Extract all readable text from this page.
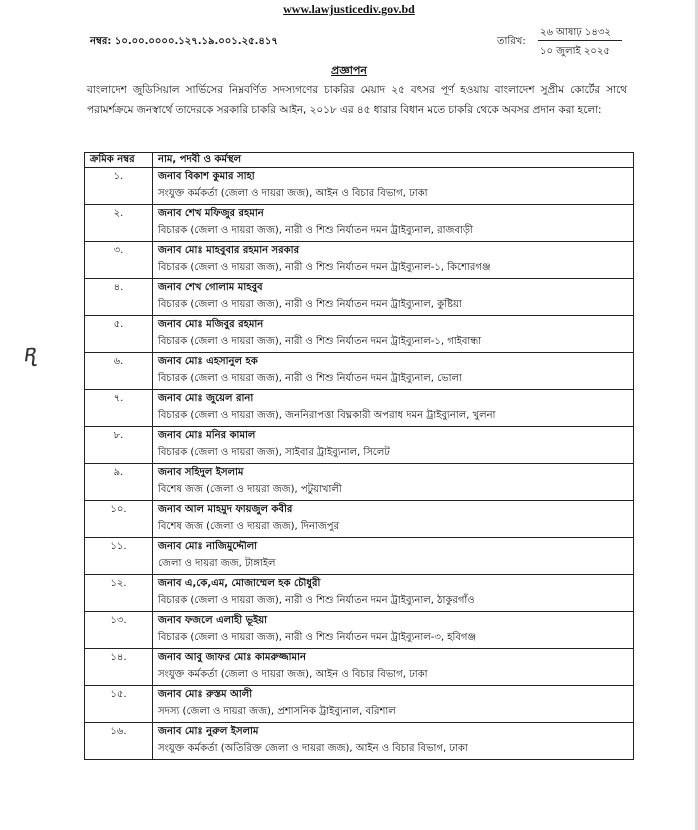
www.lawjusticediv.gov.bd
নম্বর: ১০.০০.০০০০.১২৭.১৯.০০১.২৫.৪১৭	তারিখ:
২৬ আষাঢ় ১৪৩২
১০ জুলাই ২০২৫
প্রজ্ঞাপন

বাংলাদেশ জুডিসিয়াল সার্ভিসের নিম্নবর্ণিত সদস্যগণের চাকরির মেয়াদ ২৫ বৎসর পূর্ণ হওয়ায় বাংলাদেশ সুপ্রীম কোর্টের সাথে পরামর্শক্রমে জনস্বার্থে তাদেরকে সরকারি চাকরি আইন, ২০১৮ এর ৪৫ ধারার বিধান মতে চাকরি থেকে অবসর প্রদান করা হলো:

ꭆ
ক্রমিক নম্বর	নাম, পদবী ও কর্মস্থল
১.	জনাব বিকাশ কুমার সাহা
সংযুক্ত কর্মকর্তা (জেলা ও দায়রা জজ), আইন ও বিচার বিভাগ, ঢাকা

২.	জনাব শেখ মফিজুর রহমান
বিচারক (জেলা ও দায়রা জজ), নারী ও শিশু নির্যাতন দমন ট্রাইব্যুনাল, রাজবাড়ী

৩.	জনাব মোঃ মাহবুবার রহমান সরকার
বিচারক (জেলা ও দায়রা জজ), নারী ও শিশু নির্যাতন দমন ট্রাইব্যুনাল-১, কিশোরগঞ্জ

৪.	জনাব শেখ গোলাম মাহবুব
বিচারক (জেলা ও দায়রা জজ), নারী ও শিশু নির্যাতন দমন ট্রাইব্যুনাল, কুষ্টিয়া

৫.	জনাব মোঃ মজিবুর রহমান
বিচারক (জেলা ও দায়রা জজ), নারী ও শিশু নির্যাতন দমন ট্রাইব্যুনাল-১, গাইবান্ধা

৬.	জনাব মোঃ এহসানুল হক
বিচারক (জেলা ও দায়রা জজ), নারী ও শিশু নির্যাতন দমন ট্রাইব্যুনাল, ভোলা

৭.	জনাব মোঃ জুয়েল রানা
বিচারক (জেলা ও দায়রা জজ), জননিরাপত্তা বিঘ্নকারী অপরাধ দমন ট্রাইব্যুনাল, খুলনা

৮.	জনাব মোঃ মনির কামাল
বিচারক (জেলা ও দায়রা জজ), সাইবার ট্রাইব্যুনাল, সিলেট

৯.	জনাব সহিদুল ইসলাম
বিশেষ জজ (জেলা ও দায়রা জজ), পটুয়াখালী

১০.	জনাব আল মাহমুদ ফায়জুল কবীর
বিশেষ জজ (জেলা ও দায়রা জজ), দিনাজপুর

১১.	জনাব মোঃ নাজিমুদ্দৌলা
জেলা ও দায়রা জজ, টাঙ্গাইল

১২.	জনাব এ,কে,এম, মোজাম্মেল হক চৌধুরী
বিচারক (জেলা ও দায়রা জজ), নারী ও শিশু নির্যাতন দমন ট্রাইব্যুনাল, ঠাকুরগাঁও

১৩.	জনাব ফজলে এলাহী ভূইয়া
বিচারক (জেলা ও দায়রা জজ), নারী ও শিশু নির্যাতন দমন ট্রাইব্যুনাল-৩, হবিগঞ্জ

১৪.	জনাব আবু জাফর মোঃ কামরুজ্জামান
সংযুক্ত কর্মকর্তা (জেলা ও দায়রা জজ), আইন ও বিচার বিভাগ, ঢাকা

১৫.	জনাব মোঃ রুস্তম আলী
সদস্য (জেলা ও দায়রা জজ), প্রশাসনিক ট্রাইব্যুনাল, বরিশাল

১৬.	জনাব মোঃ নুরুল ইসলাম
সংযুক্ত কর্মকর্তা (অতিরিক্ত জেলা ও দায়রা জজ), আইন ও বিচার বিভাগ, ঢাকা
